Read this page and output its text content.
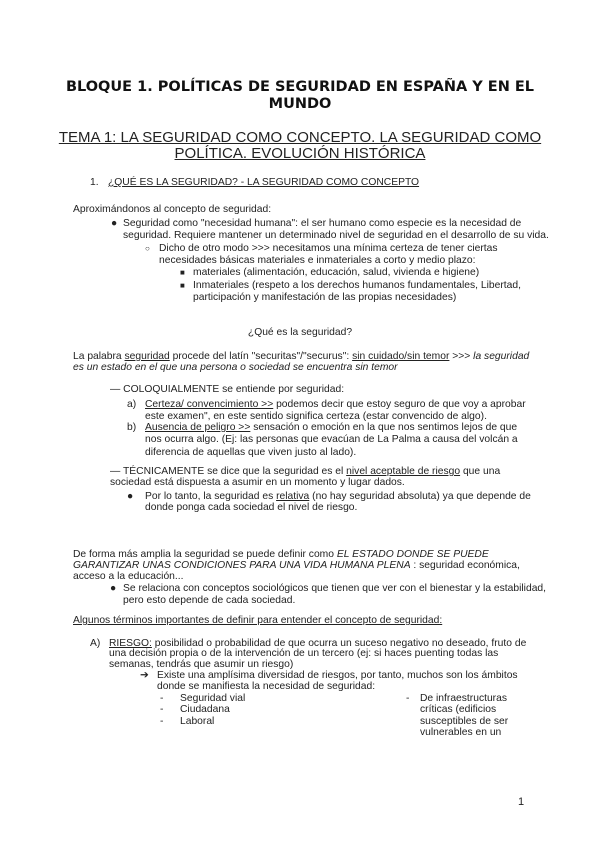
BLOQUE 1. POLÍTICAS DE SEGURIDAD EN ESPAÑA Y EN EL
MUNDO
TEMA 1: LA SEGURIDAD COMO CONCEPTO. LA SEGURIDAD COMO
POLÍTICA. EVOLUCIÓN HISTÓRICA
1. ¿QUÉ ES LA SEGURIDAD? - LA SEGURIDAD COMO CONCEPTO
Aproximándonos al concepto de seguridad:
● Seguridad como "necesidad humana": el ser humano como especie es la necesidad de
seguridad. Requiere mantener un determinado nivel de seguridad en el desarrollo de su vida.
○ Dicho de otro modo >>> necesitamos una mínima certeza de tener ciertas
necesidades básicas materiales e inmateriales a corto y medio plazo:
■ materiales (alimentación, educación, salud, vivienda e higiene)
■ Inmateriales (respeto a los derechos humanos fundamentales, Libertad,
participación y manifestación de las propias necesidades)
¿Qué es la seguridad?
La palabra seguridad procede del latín "securitas"/"securus": sin cuidado/sin temor >>> la seguridad
es un estado en el que una persona o sociedad se encuentra sin temor
— COLOQUIALMENTE se entiende por seguridad:
a) Certeza/ convencimiento >> podemos decir que estoy seguro de que voy a aprobar
este examen", en este sentido significa certeza (estar convencido de algo).
b) Ausencia de peligro >> sensación o emoción en la que nos sentimos lejos de que
nos ocurra algo. (Ej: las personas que evacúan de La Palma a causa del volcán a
diferencia de aquellas que viven justo al lado).
— TÉCNICAMENTE se dice que la seguridad es el nivel aceptable de riesgo que una
sociedad está dispuesta a asumir en un momento y lugar dados.
● Por lo tanto, la seguridad es relativa (no hay seguridad absoluta) ya que depende de
donde ponga cada sociedad el nivel de riesgo.
De forma más amplia la seguridad se puede definir como EL ESTADO DONDE SE PUEDE
GARANTIZAR UNAS CONDICIONES PARA UNA VIDA HUMANA PLENA : seguridad económica,
acceso a la educación...
● Se relaciona con conceptos sociológicos que tienen que ver con el bienestar y la estabilidad,
pero esto depende de cada sociedad.
Algunos términos importantes de definir para entender el concepto de seguridad:
A) RIESGO: posibilidad o probabilidad de que ocurra un suceso negativo no deseado, fruto de
una decisión propia o de la intervención de un tercero (ej: si haces puenting todas las
semanas, tendrás que asumir un riesgo)
➔ Existe una amplísima diversidad de riesgos, por tanto, muchos son los ámbitos
donde se manifiesta la necesidad de seguridad:
- Seguridad vial
- Ciudadana
- Laboral
- De infraestructuras
críticas (edificios
susceptibles de ser
vulnerables en un
1
